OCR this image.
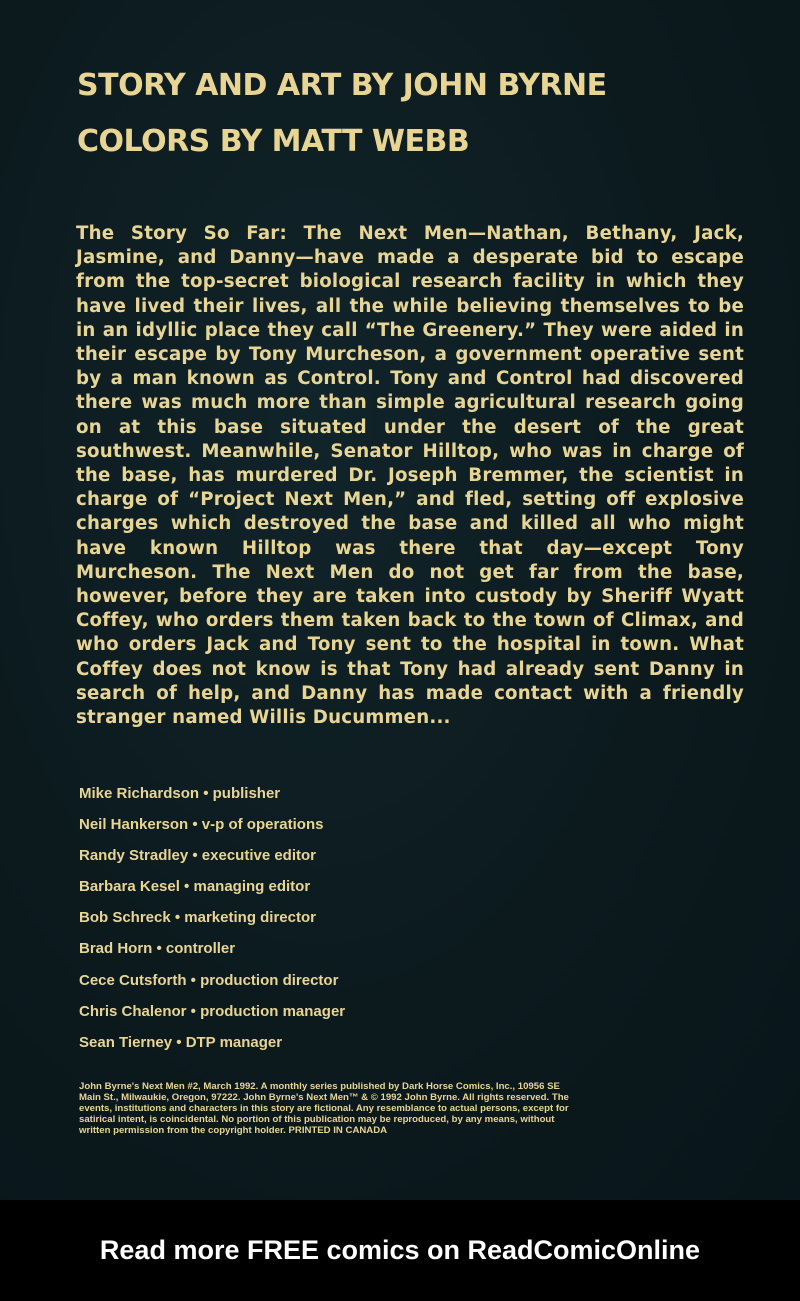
STORY AND ART BY JOHN BYRNE
COLORS BY MATT WEBB

The Story So Far: The Next Men—Nathan, Bethany, Jack, Jasmine, and Danny—have made a desperate bid to escape from the top-secret biological research facility in which they have lived their lives, all the while believing themselves to be in an idyllic place they call “The Greenery.” They were aided in their escape by Tony Murcheson, a government operative sent by a man known as Control. Tony and Control had discovered there was much more than simple agricultural research going on at this base situated under the desert of the great southwest. Meanwhile, Senator Hilltop, who was in charge of the base, has murdered Dr. Joseph Bremmer, the scientist in charge of “Project Next Men,” and fled, setting off explosive charges which destroyed the base and killed all who might have known Hilltop was there that day—except Tony Murcheson. The Next Men do not get far from the base, however, before they are taken into custody by Sheriff Wyatt Coffey, who orders them taken back to the town of Climax, and who orders Jack and Tony sent to the hospital in town. What Coffey does not know is that Tony had already sent Danny in search of help, and Danny has made contact with a friendly stranger named Willis Ducummen...

Mike Richardson • publisher
Neil Hankerson • v-p of operations
Randy Stradley • executive editor
Barbara Kesel • managing editor
Bob Schreck • marketing director
Brad Horn • controller
Cece Cutsforth • production director
Chris Chalenor • production manager
Sean Tierney • DTP manager

John Byrne's Next Men #2, March 1992. A monthly series published by Dark Horse Comics, Inc., 10956 SE Main St., Milwaukie, Oregon, 97222. John Byrne's Next Men™ & © 1992 John Byrne. All rights reserved. The events, institutions and characters in this story are fictional. Any resemblance to actual persons, except for satirical intent, is coincidental. No portion of this publication may be reproduced, by any means, without written permission from the copyright holder. PRINTED IN CANADA

Read more FREE comics on ReadComicOnline
